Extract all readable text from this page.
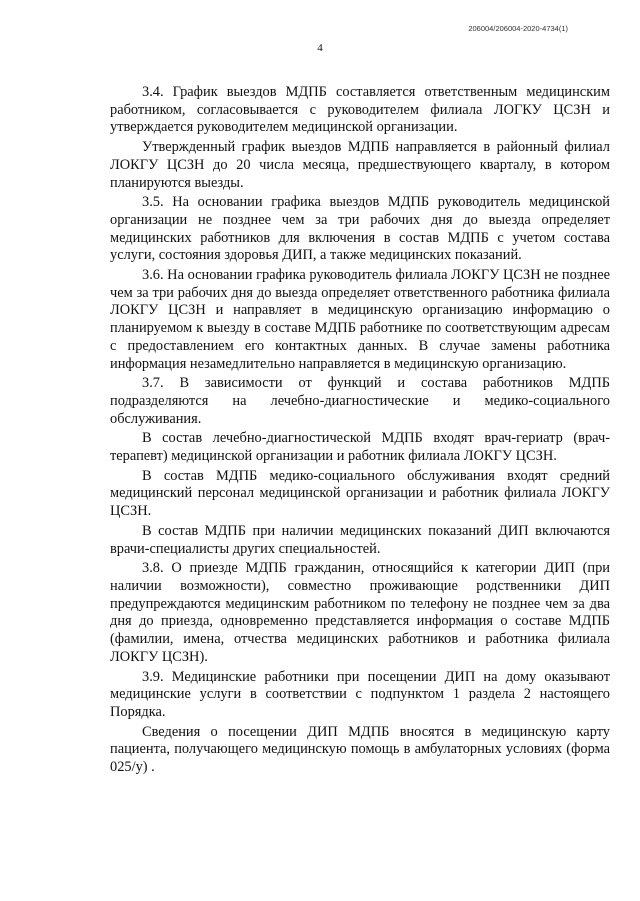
206004/206004-2020-4734(1)
4

3.4. График выездов МДПБ составляется ответственным медицинским работником, согласовывается с руководителем филиала ЛОГКУ ЦСЗН и утверждается руководителем медицинской организации.

Утвержденный график выездов МДПБ направляется в районный филиал ЛОКГУ ЦСЗН до 20 числа месяца, предшествующего кварталу, в котором планируются выезды.

3.5. На основании графика выездов МДПБ руководитель медицинской организации не позднее чем за три рабочих дня до выезда определяет медицинских работников для включения в состав МДПБ с учетом состава услуги, состояния здоровья ДИП, а также медицинских показаний.

3.6. На основании графика руководитель филиала ЛОКГУ ЦСЗН не позднее чем за три рабочих дня до выезда определяет ответственного работника филиала ЛОКГУ ЦСЗН и направляет в медицинскую организацию информацию о планируемом к выезду в составе МДПБ работнике по соответствующим адресам с предоставлением его контактных данных. В случае замены работника информация незамедлительно направляется в медицинскую организацию.

3.7. В зависимости от функций и состава работников МДПБ подразделяются на лечебно-диагностические и медико-социального обслуживания.

В состав лечебно-диагностической МДПБ входят врач-гериатр (врач-терапевт) медицинской организации и работник филиала ЛОКГУ ЦСЗН.

В состав МДПБ медико-социального обслуживания входят средний медицинский персонал медицинской организации и работник филиала ЛОКГУ ЦСЗН.

В состав МДПБ при наличии медицинских показаний ДИП включаются врачи-специалисты других специальностей.

3.8. О приезде МДПБ гражданин, относящийся к категории ДИП (при наличии возможности), совместно проживающие родственники ДИП предупреждаются медицинским работником по телефону не позднее чем за два дня до приезда, одновременно представляется информация о составе МДПБ (фамилии, имена, отчества медицинских работников и работника филиала ЛОКГУ ЦСЗН).

3.9. Медицинские работники при посещении ДИП на дому оказывают медицинские услуги в соответствии с подпунктом 1 раздела 2 настоящего Порядка.

Сведения о посещении ДИП МДПБ вносятся в медицинскую карту пациента, получающего медицинскую помощь в амбулаторных условиях (форма 025/у) .
